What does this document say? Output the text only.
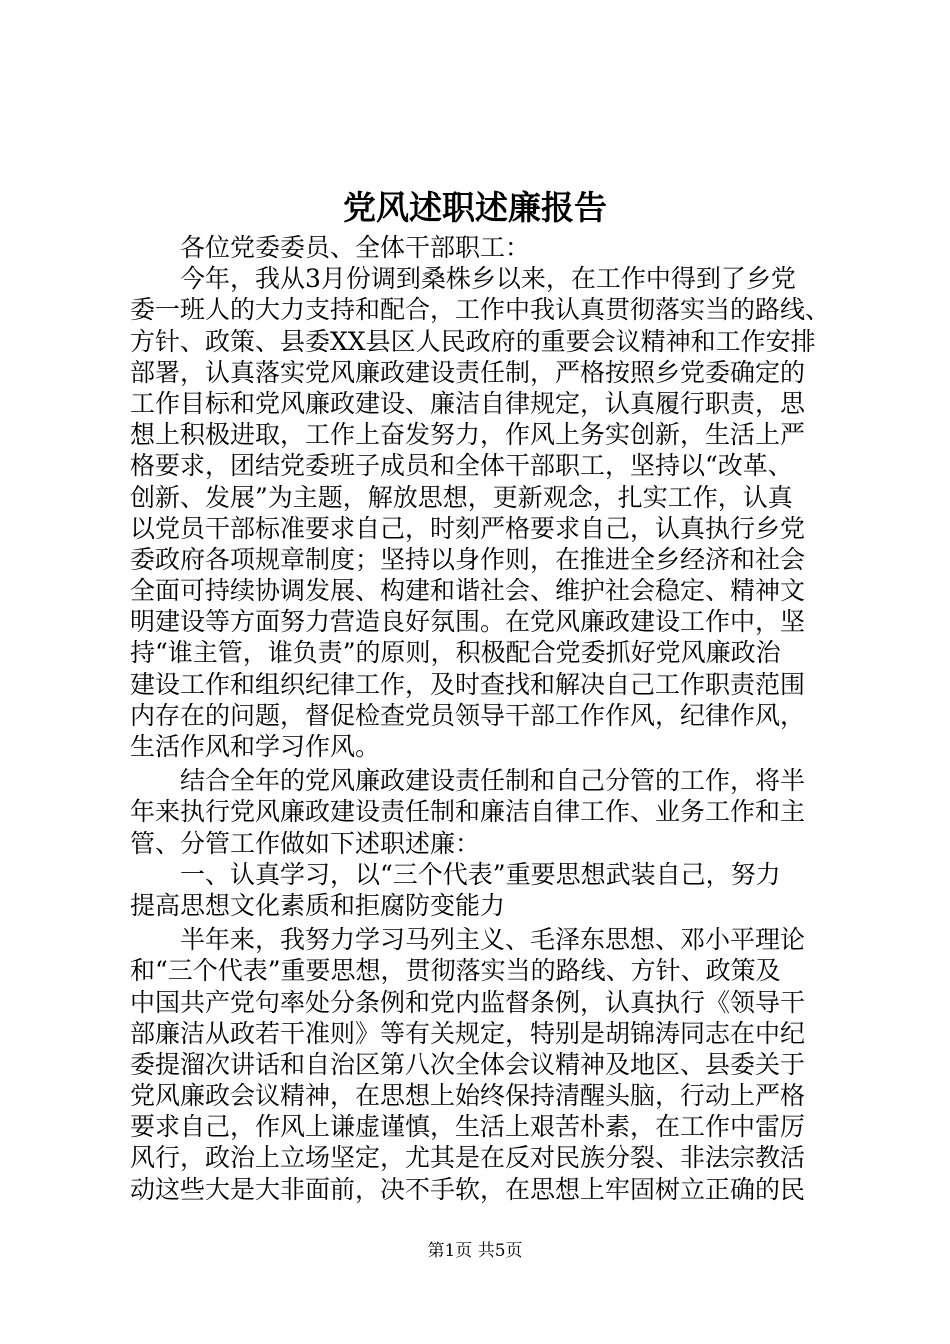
党风述职述廉报告
各位党委委员、全体干部职工：
今年，我从3月份调到桑株乡以来，在工作中得到了乡党
委一班人的大力支持和配合，工作中我认真贯彻落实当的路线、
方针、政策、县委XX县区人民政府的重要会议精神和工作安排
部署，认真落实党风廉政建设责任制，严格按照乡党委确定的
工作目标和党风廉政建设、廉洁自律规定，认真履行职责，思
想上积极进取，工作上奋发努力，作风上务实创新，生活上严
格要求，团结党委班子成员和全体干部职工，坚持以“改革、
创新、发展”为主题，解放思想，更新观念，扎实工作，认真
以党员干部标准要求自己，时刻严格要求自己，认真执行乡党
委政府各项规章制度；坚持以身作则，在推进全乡经济和社会
全面可持续协调发展、构建和谐社会、维护社会稳定、精神文
明建设等方面努力营造良好氛围。在党风廉政建设工作中，坚
持“谁主管，谁负责”的原则，积极配合党委抓好党风廉政治
建设工作和组织纪律工作，及时查找和解决自己工作职责范围
内存在的问题，督促检查党员领导干部工作作风，纪律作风，
生活作风和学习作风。
结合全年的党风廉政建设责任制和自己分管的工作，将半
年来执行党风廉政建设责任制和廉洁自律工作、业务工作和主
管、分管工作做如下述职述廉：
一、认真学习，以“三个代表”重要思想武装自己，努力
提高思想文化素质和拒腐防变能力
半年来，我努力学习马列主义、毛泽东思想、邓小平理论
和“三个代表”重要思想，贯彻落实当的路线、方针、政策及
中国共产党句率处分条例和党内监督条例，认真执行《领导干
部廉洁从政若干准则》等有关规定，特别是胡锦涛同志在中纪
委提溜次讲话和自治区第八次全体会议精神及地区、县委关于
党风廉政会议精神，在思想上始终保持清醒头脑，行动上严格
要求自己，作风上谦虚谨慎，生活上艰苦朴素，在工作中雷厉
风行，政治上立场坚定，尤其是在反对民族分裂、非法宗教活
动这些大是大非面前，决不手软，在思想上牢固树立正确的民
第1页 共5页
